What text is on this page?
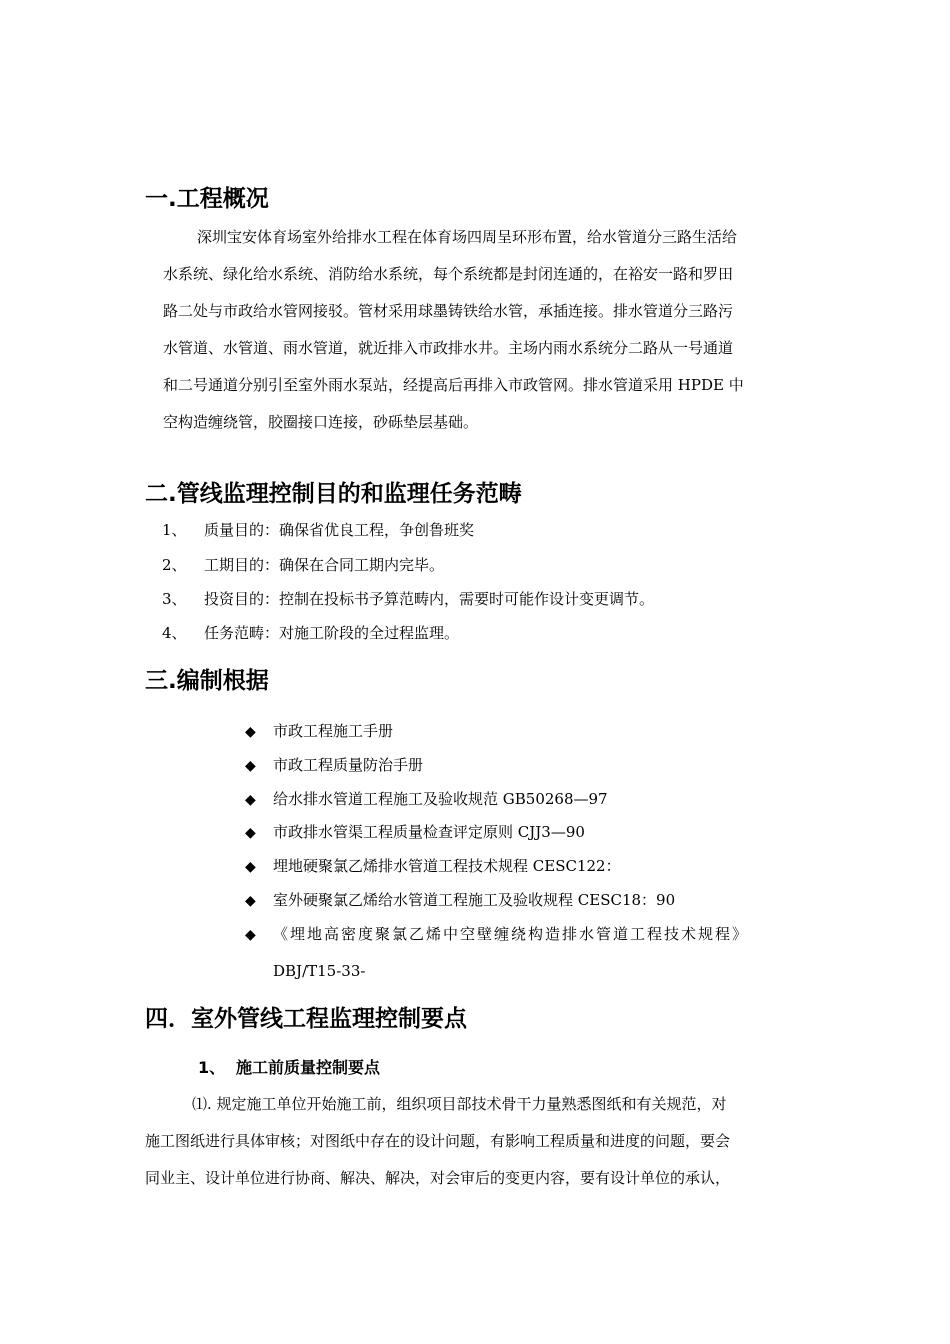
一.工程概况
深圳宝安体育场室外给排水工程在体育场四周呈环形布置，给水管道分三路生活给
水系统、绿化给水系统、消防给水系统，每个系统都是封闭连通的，在裕安一路和罗田
路二处与市政给水管网接驳。管材采用球墨铸铁给水管，承插连接。排水管道分三路污
水管道、水管道、雨水管道，就近排入市政排水井。主场内雨水系统分二路从一号通道
和二号通道分别引至室外雨水泵站，经提高后再排入市政管网。排水管道采用 HPDE 中
空构造缠绕管，胶圈接口连接，砂砾垫层基础。
二.管线监理控制目的和监理任务范畴
1、 质量目的：确保省优良工程，争创鲁班奖
2、 工期目的：确保在合同工期内完毕。
3、 投资目的：控制在投标书予算范畴内，需要时可能作设计变更调节。
4、 任务范畴：对施工阶段的全过程监理。
三.编制根据
◆ 市政工程施工手册
◆ 市政工程质量防治手册
◆ 给水排水管道工程施工及验收规范 GB50268—97
◆ 市政排水管渠工程质量检查评定原则 CJJ3—90
◆ 埋地硬聚氯乙烯排水管道工程技术规程 CESC122：
◆ 室外硬聚氯乙烯给水管道工程施工及验收规程 CESC18：90
◆ 《埋地高密度聚氯乙烯中空壁缠绕构造排水管道工程技术规程》
DBJ/T15-33-
四．室外管线工程监理控制要点
1、 施工前质量控制要点
⑴. 规定施工单位开始施工前，组织项目部技术骨干力量熟悉图纸和有关规范，对
施工图纸进行具体审核；对图纸中存在的设计问题，有影响工程质量和进度的问题，要会
同业主、设计单位进行协商、解决、解决，对会审后的变更内容，要有设计单位的承认，
